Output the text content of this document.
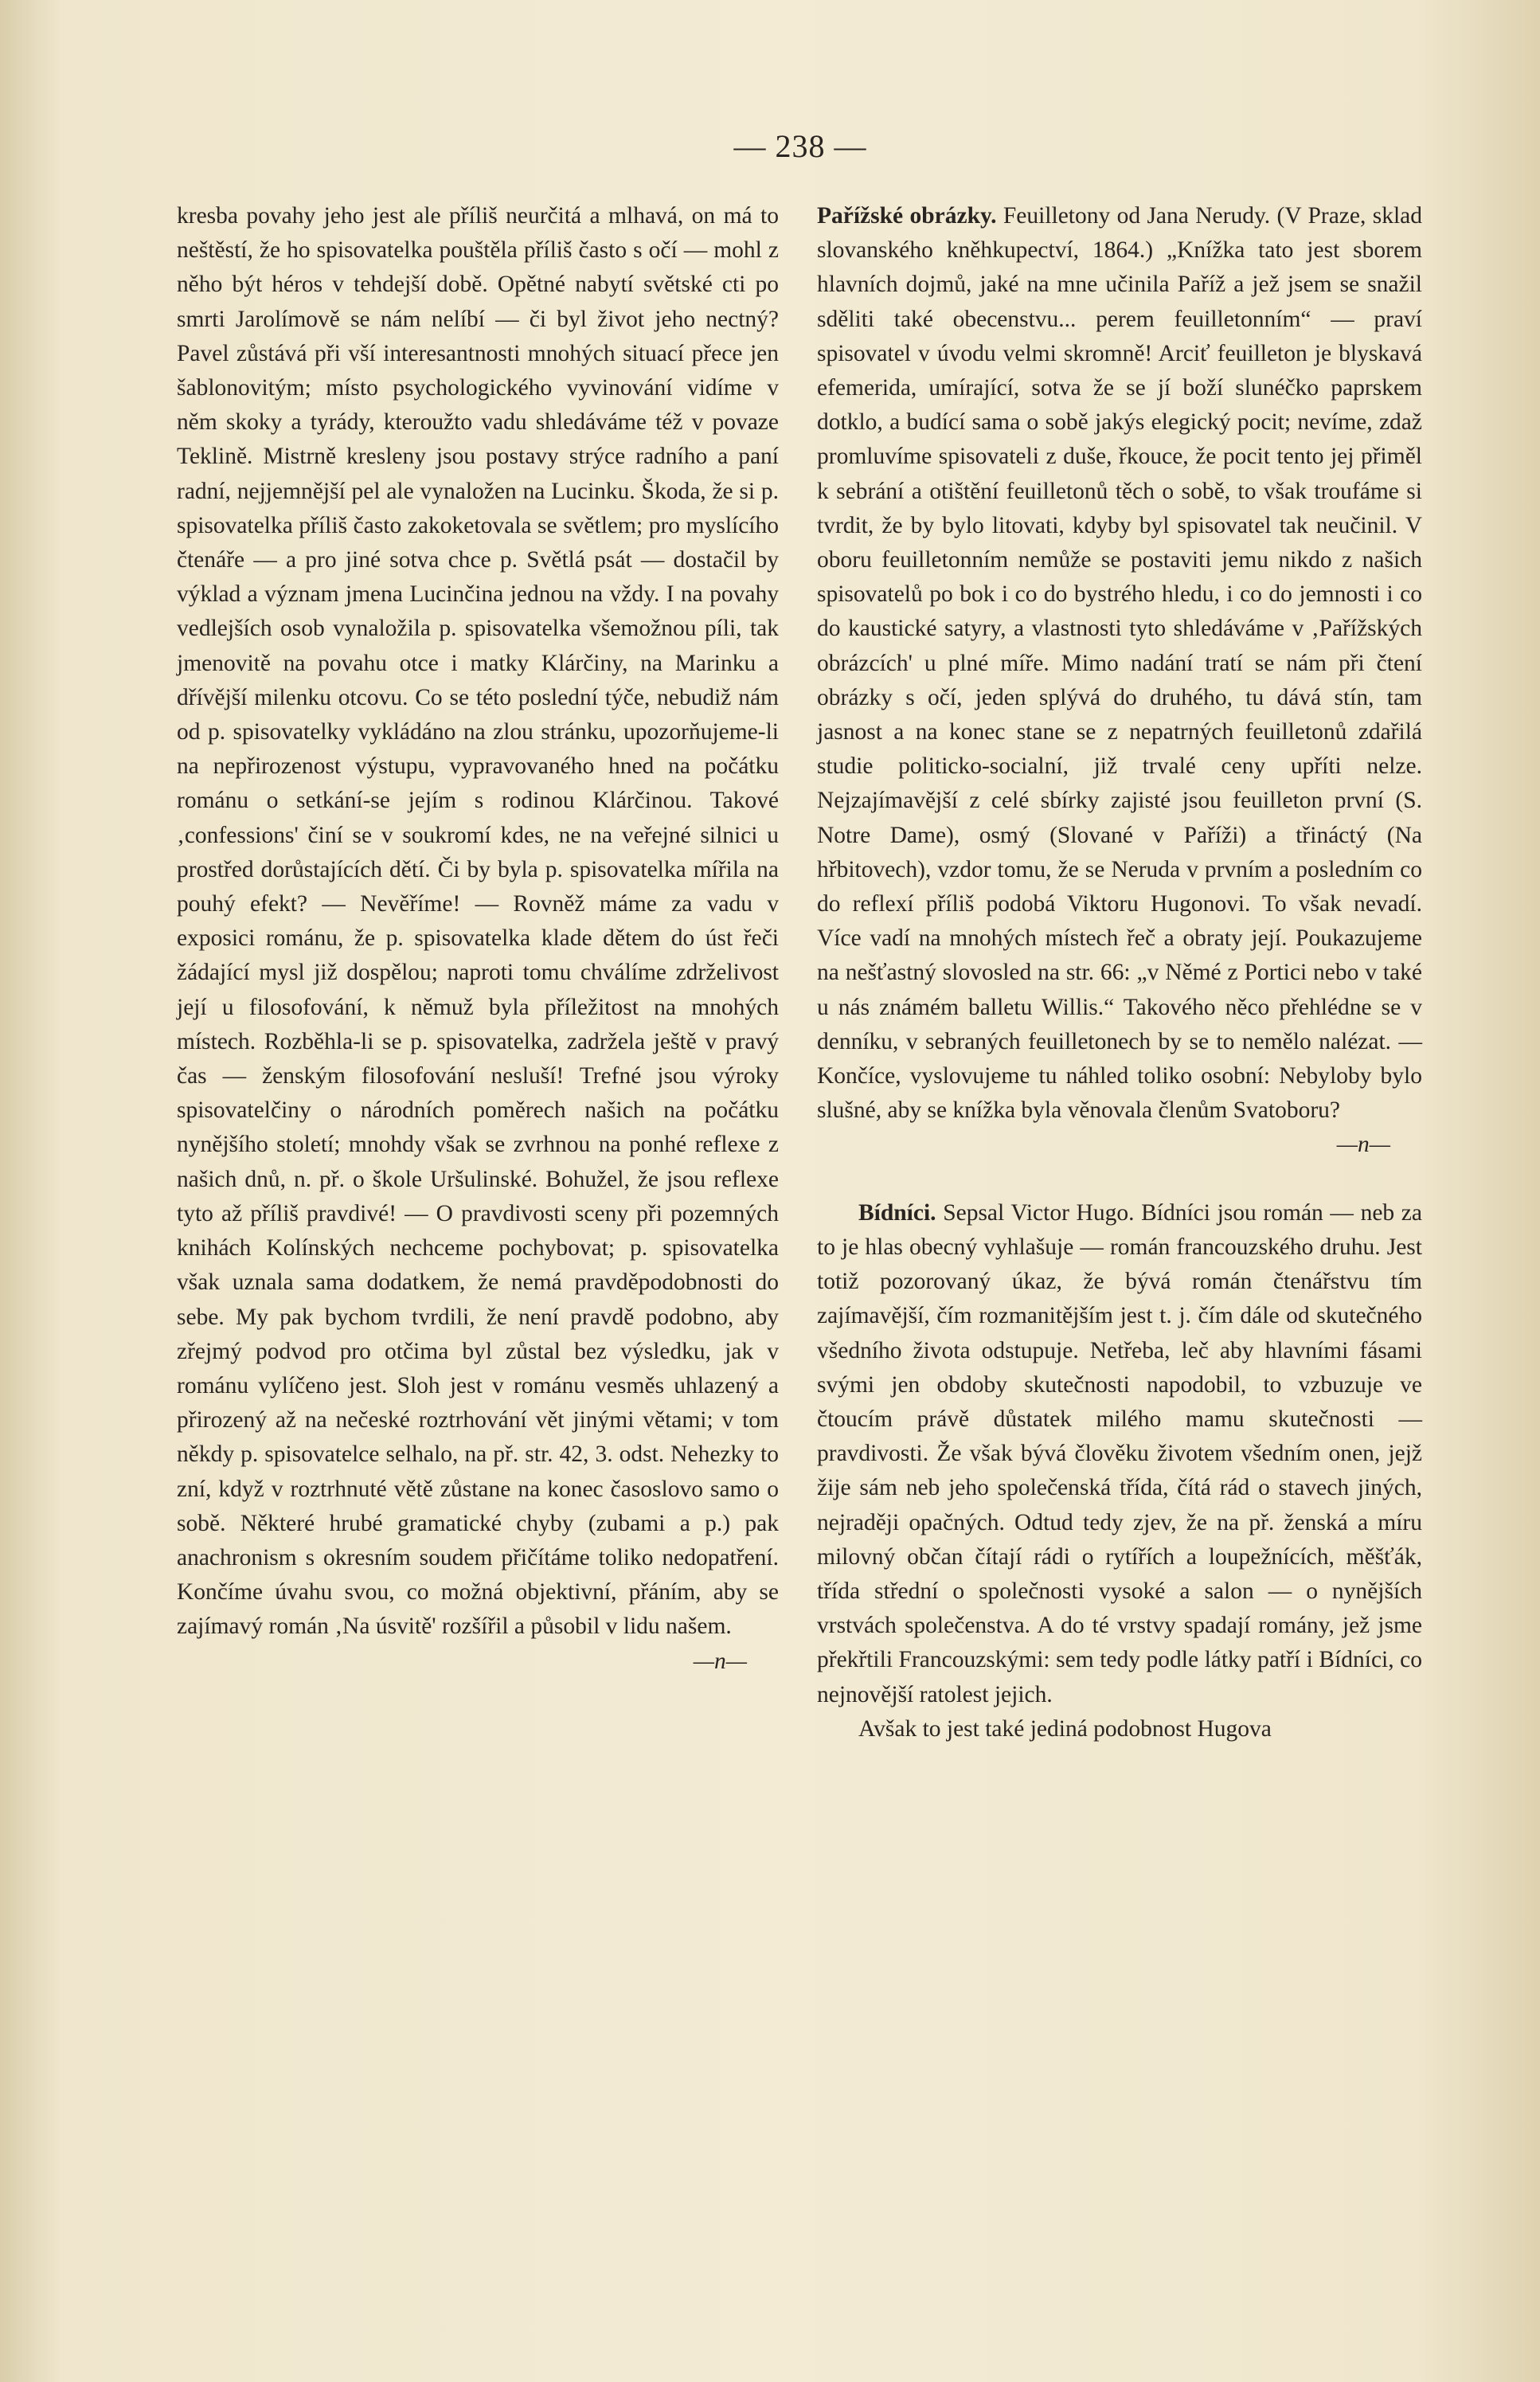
— 238 —

kresba povahy jeho jest ale příliš neurčitá a mlhavá, on má to neštěstí, že ho spisovatelka pouštěla příliš často s očí — mohl z něho být héros v tehdejší době. Opětné nabytí světské cti po smrti Jarolímově se nám nelíbí — či byl život jeho nectný? Pavel zůstává při vší interesantnosti mnohých situací přece jen šablonovitým; místo psychologického vyvinování vidíme v něm skoky a tyrády, kteroužto vadu shledáváme též v povaze Teklině. Mistrně kresleny jsou postavy strýce radního a paní radní, nejjemnější pel ale vynaložen na Lucinku. Škoda, že si p. spisovatelka příliš často zakoketovala se světlem; pro myslícího čtenáře — a pro jiné sotva chce p. Světlá psát — dostačil by výklad a význam jmena Lucinčina jednou na vždy. I na povahy vedlejších osob vynaložila p. spisovatelka všemožnou píli, tak jmenovitě na povahu otce i matky Klárčiny, na Marinku a dřívější milenku otcovu. Co se této poslední týče, nebudiž nám od p. spisovatelky vykládáno na zlou stránku, upozorňujeme-li na nepřirozenost výstupu, vypravovaného hned na počátku románu o setkání-se jejím s rodinou Klárčinou. Takové ‚confessions' činí se v soukromí kdes, ne na veřejné silnici u prostřed dorůstajících dětí. Či by byla p. spisovatelka mířila na pouhý efekt? — Nevěříme! — Rovněž máme za vadu v exposici románu, že p. spisovatelka klade dětem do úst řeči žádající mysl již dospělou; naproti tomu chválíme zdrželivost její u filosofování, k němuž byla příležitost na mnohých místech. Rozběhla-li se p. spisovatelka, zadržela ještě v pravý čas — ženským filosofování nesluší! Trefné jsou výroky spisovatelčiny o národních poměrech našich na počátku nynějšího století; mnohdy však se zvrhnou na ponhé reflexe z našich dnů, n. př. o škole Uršulinské. Bohužel, že jsou reflexe tyto až příliš pravdivé! — O pravdivosti sceny při pozemných knihách Kolínských nechceme pochybovat; p. spisovatelka však uznala sama dodatkem, že nemá pravděpodobnosti do sebe. My pak bychom tvrdili, že není pravdě podobno, aby zřejmý podvod pro otčima byl zůstal bez výsledku, jak v románu vylíčeno jest. Sloh jest v románu vesměs uhlazený a přirozený až na nečeské roztrhování vět jinými větami; v tom někdy p. spisovatelce selhalo, na př. str. 42, 3. odst. Nehezky to zní, když v roztrhnuté větě zůstane na konec časoslovo samo o sobě. Některé hrubé gramatické chyby (zubami a p.) pak anachronism s okresním soudem přičítáme toliko nedopatření. Končíme úvahu svou, co možná objektivní, přáním, aby se zajímavý román ‚Na úsvitě' rozšířil a působil v lidu našem.

—n—

Pařížské obrázky. Feuilletony od Jana Nerudy. (V Praze, sklad slovanského kněhkupectví, 1864.) „Knížka tato jest sborem hlavních dojmů, jaké na mne učinila Paříž a jež jsem se snažil sděliti také obecenstvu... perem feuilletonním“ — praví spisovatel v úvodu velmi skromně! Arciť feuilleton je blyskavá efemerida, umírající, sotva že se jí boží slunéčko paprskem dotklo, a budící sama o sobě jakýs elegický pocit; nevíme, zdaž promluvíme spisovateli z duše, řkouce, že pocit tento jej přiměl k sebrání a otištění feuilletonů těch o sobě, to však troufáme si tvrdit, že by bylo litovati, kdyby byl spisovatel tak neučinil. V oboru feuilletonním nemůže se postaviti jemu nikdo z našich spisovatelů po bok i co do bystrého hledu, i co do jemnosti i co do kaustické satyry, a vlastnosti tyto shledáváme v ‚Pařížských obrázcích' u plné míře. Mimo nadání tratí se nám při čtení obrázky s očí, jeden splývá do druhého, tu dává stín, tam jasnost a na konec stane se z nepatrných feuilletonů zdařilá studie politicko-socialní, již trvalé ceny upříti nelze. Nejzajímavější z celé sbírky zajisté jsou feuilleton první (S. Notre Dame), osmý (Slované v Paříži) a třináctý (Na hřbitovech), vzdor tomu, že se Neruda v prvním a posledním co do reflexí příliš podobá Viktoru Hugonovi. To však nevadí. Více vadí na mnohých místech řeč a obraty její. Poukazujeme na nešťastný slovosled na str. 66: „v Němé z Portici nebo v také u nás známém balletu Willis.“ Takového něco přehlédne se v denníku, v sebraných feuilletonech by se to nemělo nalézat. — Končíce, vyslovujeme tu náhled toliko osobní: Nebyloby bylo slušné, aby se knížka byla věnovala členům Svatoboru?

—n—

Bídníci. Sepsal Victor Hugo. Bídníci jsou román — neb za to je hlas obecný vyhlašuje — román francouzského druhu. Jest totiž pozorovaný úkaz, že bývá román čtenářstvu tím zajímavější, čím rozmanitějším jest t. j. čím dále od skutečného všedního života odstupuje. Netřeba, leč aby hlavními fásami svými jen obdoby skutečnosti napodobil, to vzbuzuje ve čtoucím právě důstatek milého mamu skutečnosti — pravdivosti. Že však bývá člověku životem všedním onen, jejž žije sám neb jeho společenská třída, čítá rád o stavech jiných, nejraději opačných. Odtud tedy zjev, že na př. ženská a míru milovný občan čítají rádi o rytířích a loupežnících, měšťák, třída střední o společnosti vysoké a salon — o nynějších vrstvách společenstva. A do té vrstvy spadají romány, jež jsme překřtili Francouzskými: sem tedy podle látky patří i Bídníci, co nejnovější ratolest jejich.

Avšak to jest také jediná podobnost Hugova
